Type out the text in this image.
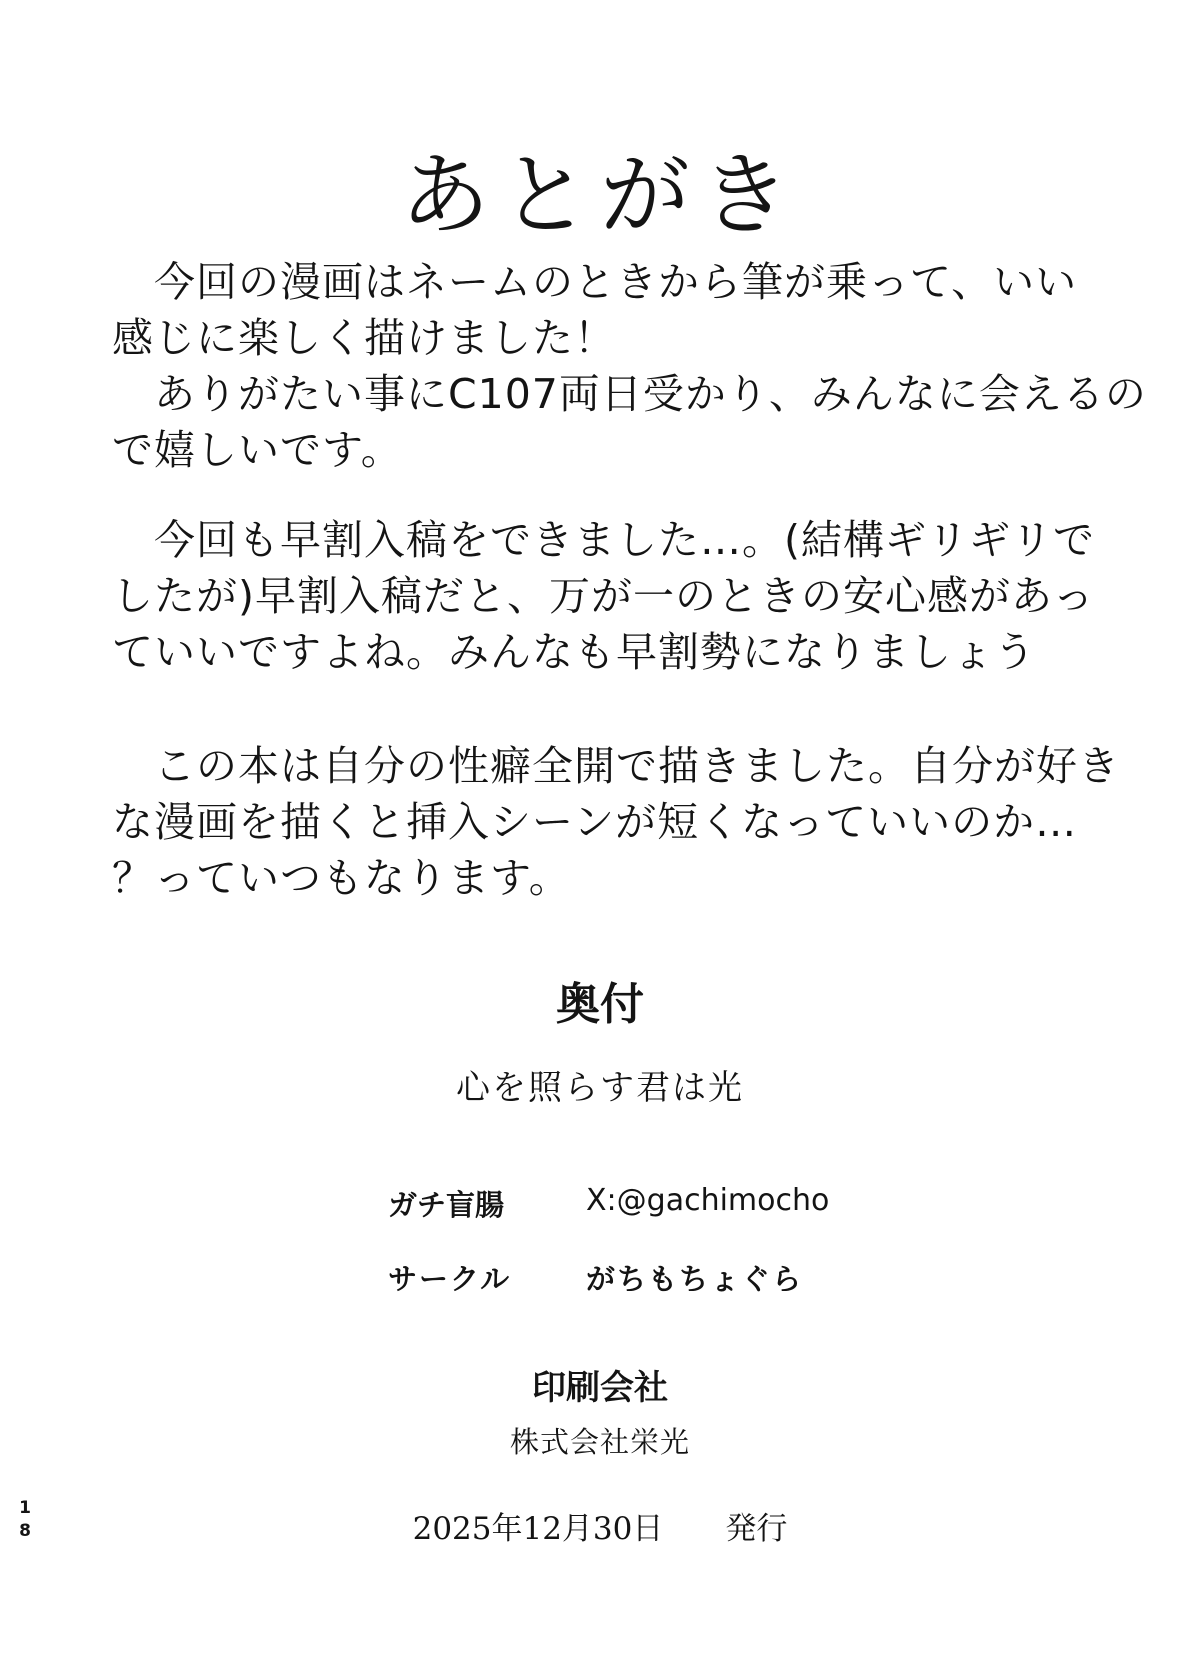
あとがき
　今回の漫画はネームのときから筆が乗って、いい
感じに楽しく描けました！
　ありがたい事にC107両日受かり、みんなに会えるの
で嬉しいです。
　今回も早割入稿をできました…。(結構ギリギリで
したが)早割入稿だと、万が一のときの安心感があっ
ていいですよね。みんなも早割勢になりましょう
　この本は自分の性癖全開で描きました。自分が好き
な漫画を描くと挿入シーンが短くなっていいのか…
？っていつもなります。
奥付
心を照らす君は光
ガチ盲腸	X:@gachimocho
サークル	がちもちょぐら
印刷会社
株式会社栄光
2025年12月30日 発行
18
